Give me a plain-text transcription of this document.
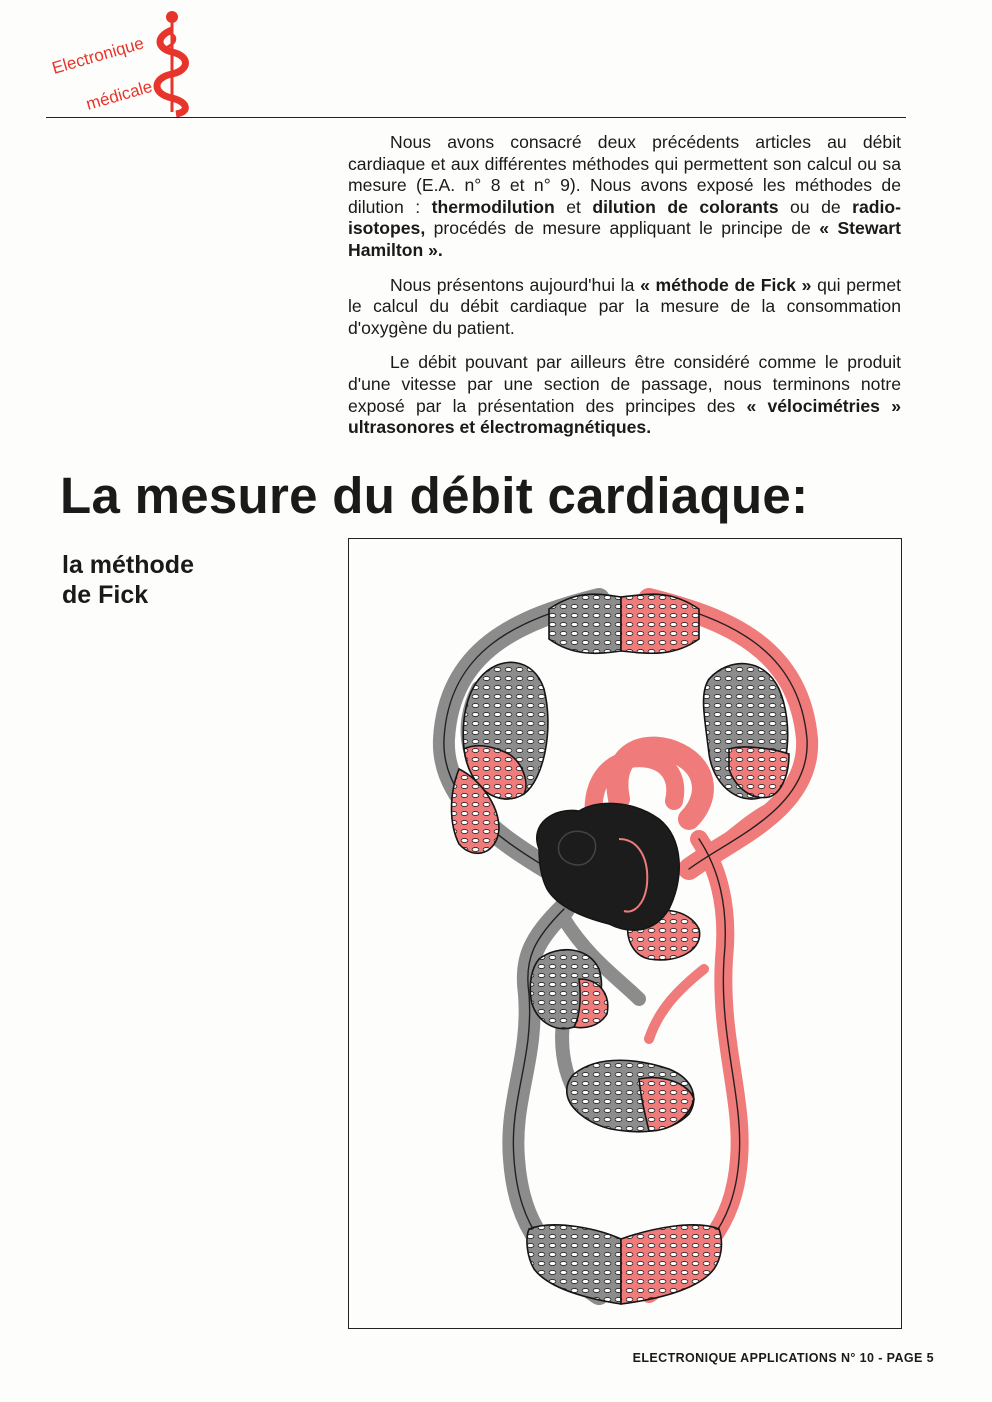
Electronique
médicale

Nous avons consacré deux précédents articles au débit cardiaque et aux différentes méthodes qui permettent son calcul ou sa mesure (E.A. n° 8 et n° 9). Nous avons exposé les méthodes de dilution : thermodilution et dilution de colorants ou de radio-isotopes, procédés de mesure appliquant le principe de « Stewart Hamilton ».

Nous présentons aujourd'hui la « méthode de Fick » qui permet le calcul du débit cardiaque par la mesure de la consommation d'oxygène du patient.

Le débit pouvant par ailleurs être considéré comme le produit d'une vitesse par une section de passage, nous terminons notre exposé par la présentation des principes des « vélocimétries » ultrasonores et électromagnétiques.

La mesure du débit cardiaque:
la méthode
de Fick
ELECTRONIQUE APPLICATIONS N° 10 - PAGE 5
